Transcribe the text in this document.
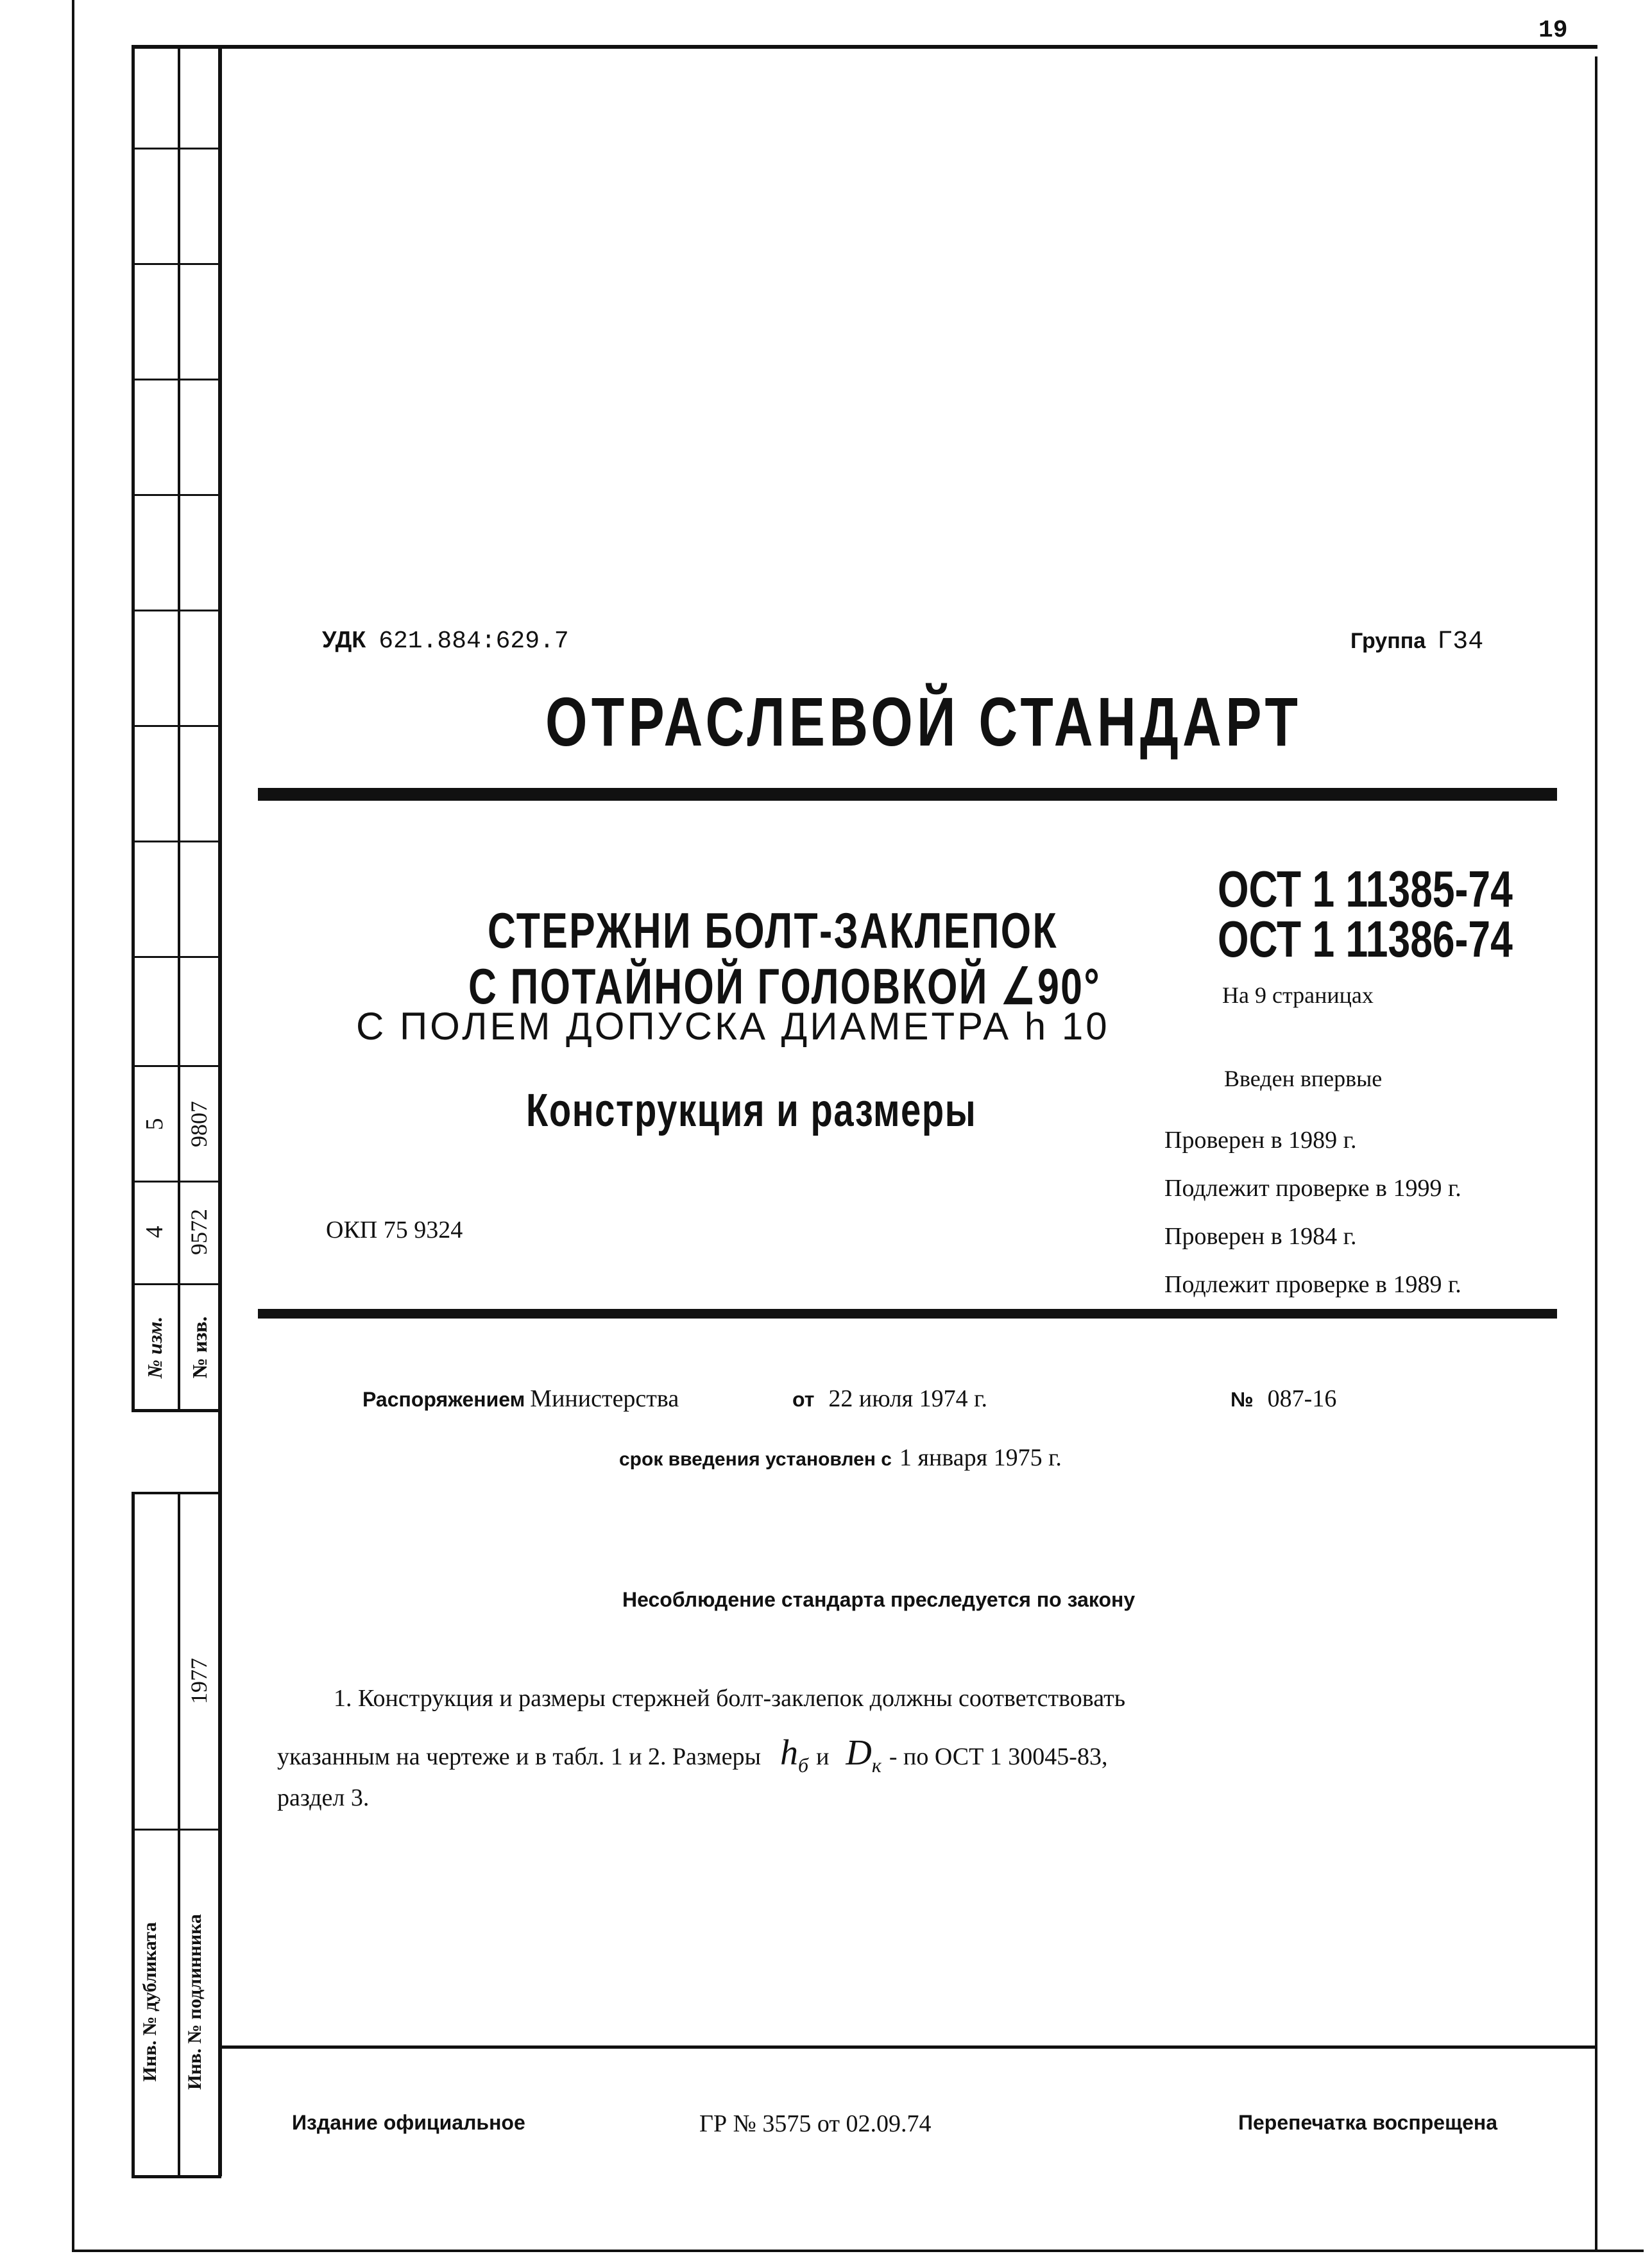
19
5 9807
4 9572
№ изм. № изв.
1977
Инв. № дубликата Инв. № подлинника
УДК 621.884:629.7	Группа Г34
ОТРАСЛЕВОЙ СТАНДАРТ
СТЕРЖНИ БОЛТ-ЗАКЛЕПОК
С ПОТАЙНОЙ ГОЛОВКОЙ ∠90°
С ПОЛЕМ ДОПУСКА ДИАМЕТРА h 10
Конструкция и размеры
ОКП 75 9324
ОСТ 1 11385-74
ОСТ 1 11386-74
На 9 страницах
Введен впервые
Проверен в 1989 г.
Подлежит проверке в 1999 г.
Проверен в 1984 г.
Подлежит проверке в 1989 г.
Распоряжением Министерства	от 22 июля 1974 г.	№ 087-16
срок введения установлен с 1 января 1975 г.
Несоблюдение стандарта преследуется по закону
1. Конструкция и размеры стержней болт-заклепок должны соответствовать
указанным на чертеже и в табл. 1 и 2. Размеры $h_б$ и $D_к$ - по ОСТ 1 30045-83,
раздел 3.
Издание официальное	ГР № 3575 от 02.09.74	Перепечатка воспрещена
